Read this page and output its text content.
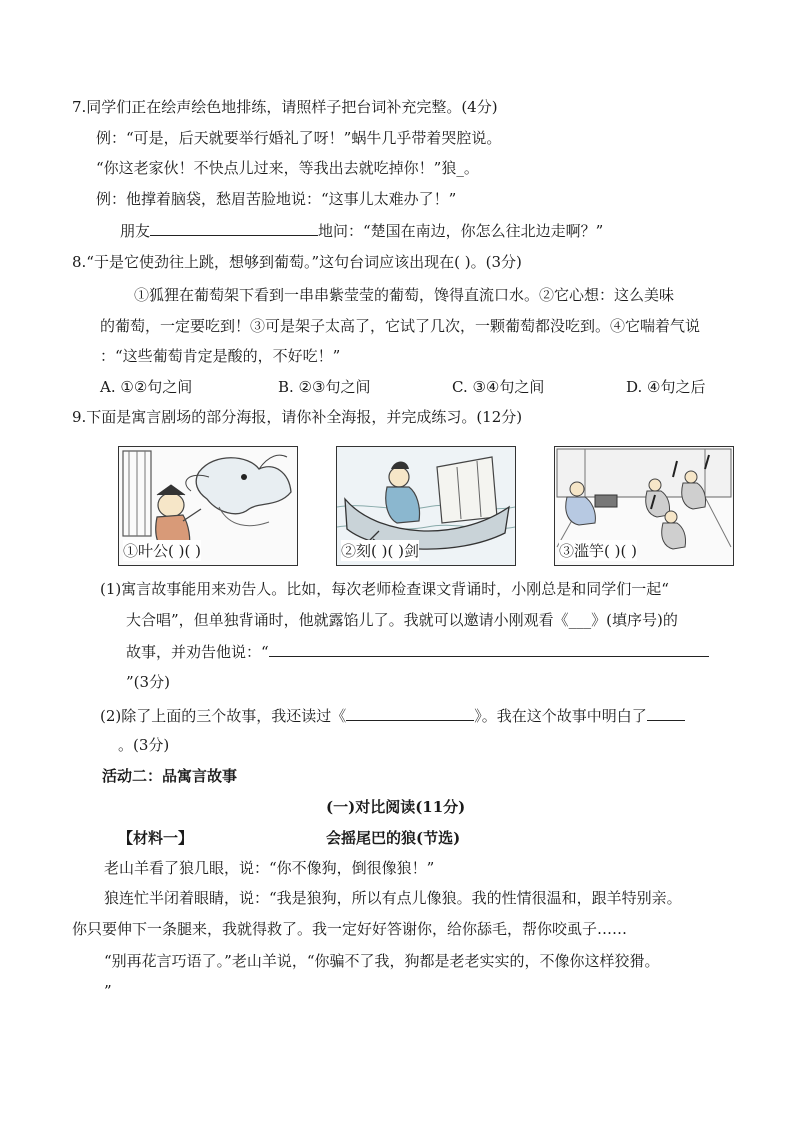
7.同学们正在绘声绘色地排练，请照样子把台词补充完整。(4分)
例：“可是，后天就要举行婚礼了呀！”蜗牛几乎带着哭腔说。
“你这老家伙！不快点儿过来，等我出去就吃掉你！”狼_。
例：他撑着脑袋，愁眉苦脸地说：“这事儿太难办了！”
朋友	地问：“楚国在南边，你怎么往北边走啊？”
8.“于是它使劲往上跳，想够到葡萄。”这句台词应该出现在( )。(3分)
①狐狸在葡萄架下看到一串串紫莹莹的葡萄，馋得直流口水。②它心想：这么美味
的葡萄，一定要吃到！③可是架子太高了，它试了几次，一颗葡萄都没吃到。④它喘着气说
：“这些葡萄肯定是酸的，不好吃！”
A. ①②句之间	B. ②③句之间	C. ③④句之间	D. ④句之后
9.下面是寓言剧场的部分海报，请你补全海报，并完成练习。(12分)
①叶公( )( )	②刻( )( )剑	③滥竽( )( )
(1)寓言故事能用来劝告人。比如，每次老师检查课文背诵时，小刚总是和同学们一起“
大合唱”，但单独背诵时，他就露馅儿了。我就可以邀请小刚观看《___》(填序号)的
故事，并劝告他说：“
”(3分)
(2)除了上面的三个故事，我还读过《	》。我在这个故事中明白了
。(3分)
活动二：品寓言故事
(一)对比阅读(11分)
【材料一】	会摇尾巴的狼(节选)
老山羊看了狼几眼，说：“你不像狗，倒很像狼！”
狼连忙半闭着眼睛，说：“我是狼狗，所以有点儿像狼。我的性情很温和，跟羊特别亲。
你只要伸下一条腿来，我就得救了。我一定好好答谢你，给你舔毛，帮你咬虱子……
“别再花言巧语了。”老山羊说，“你骗不了我，狗都是老老实实的，不像你这样狡猾。
”
